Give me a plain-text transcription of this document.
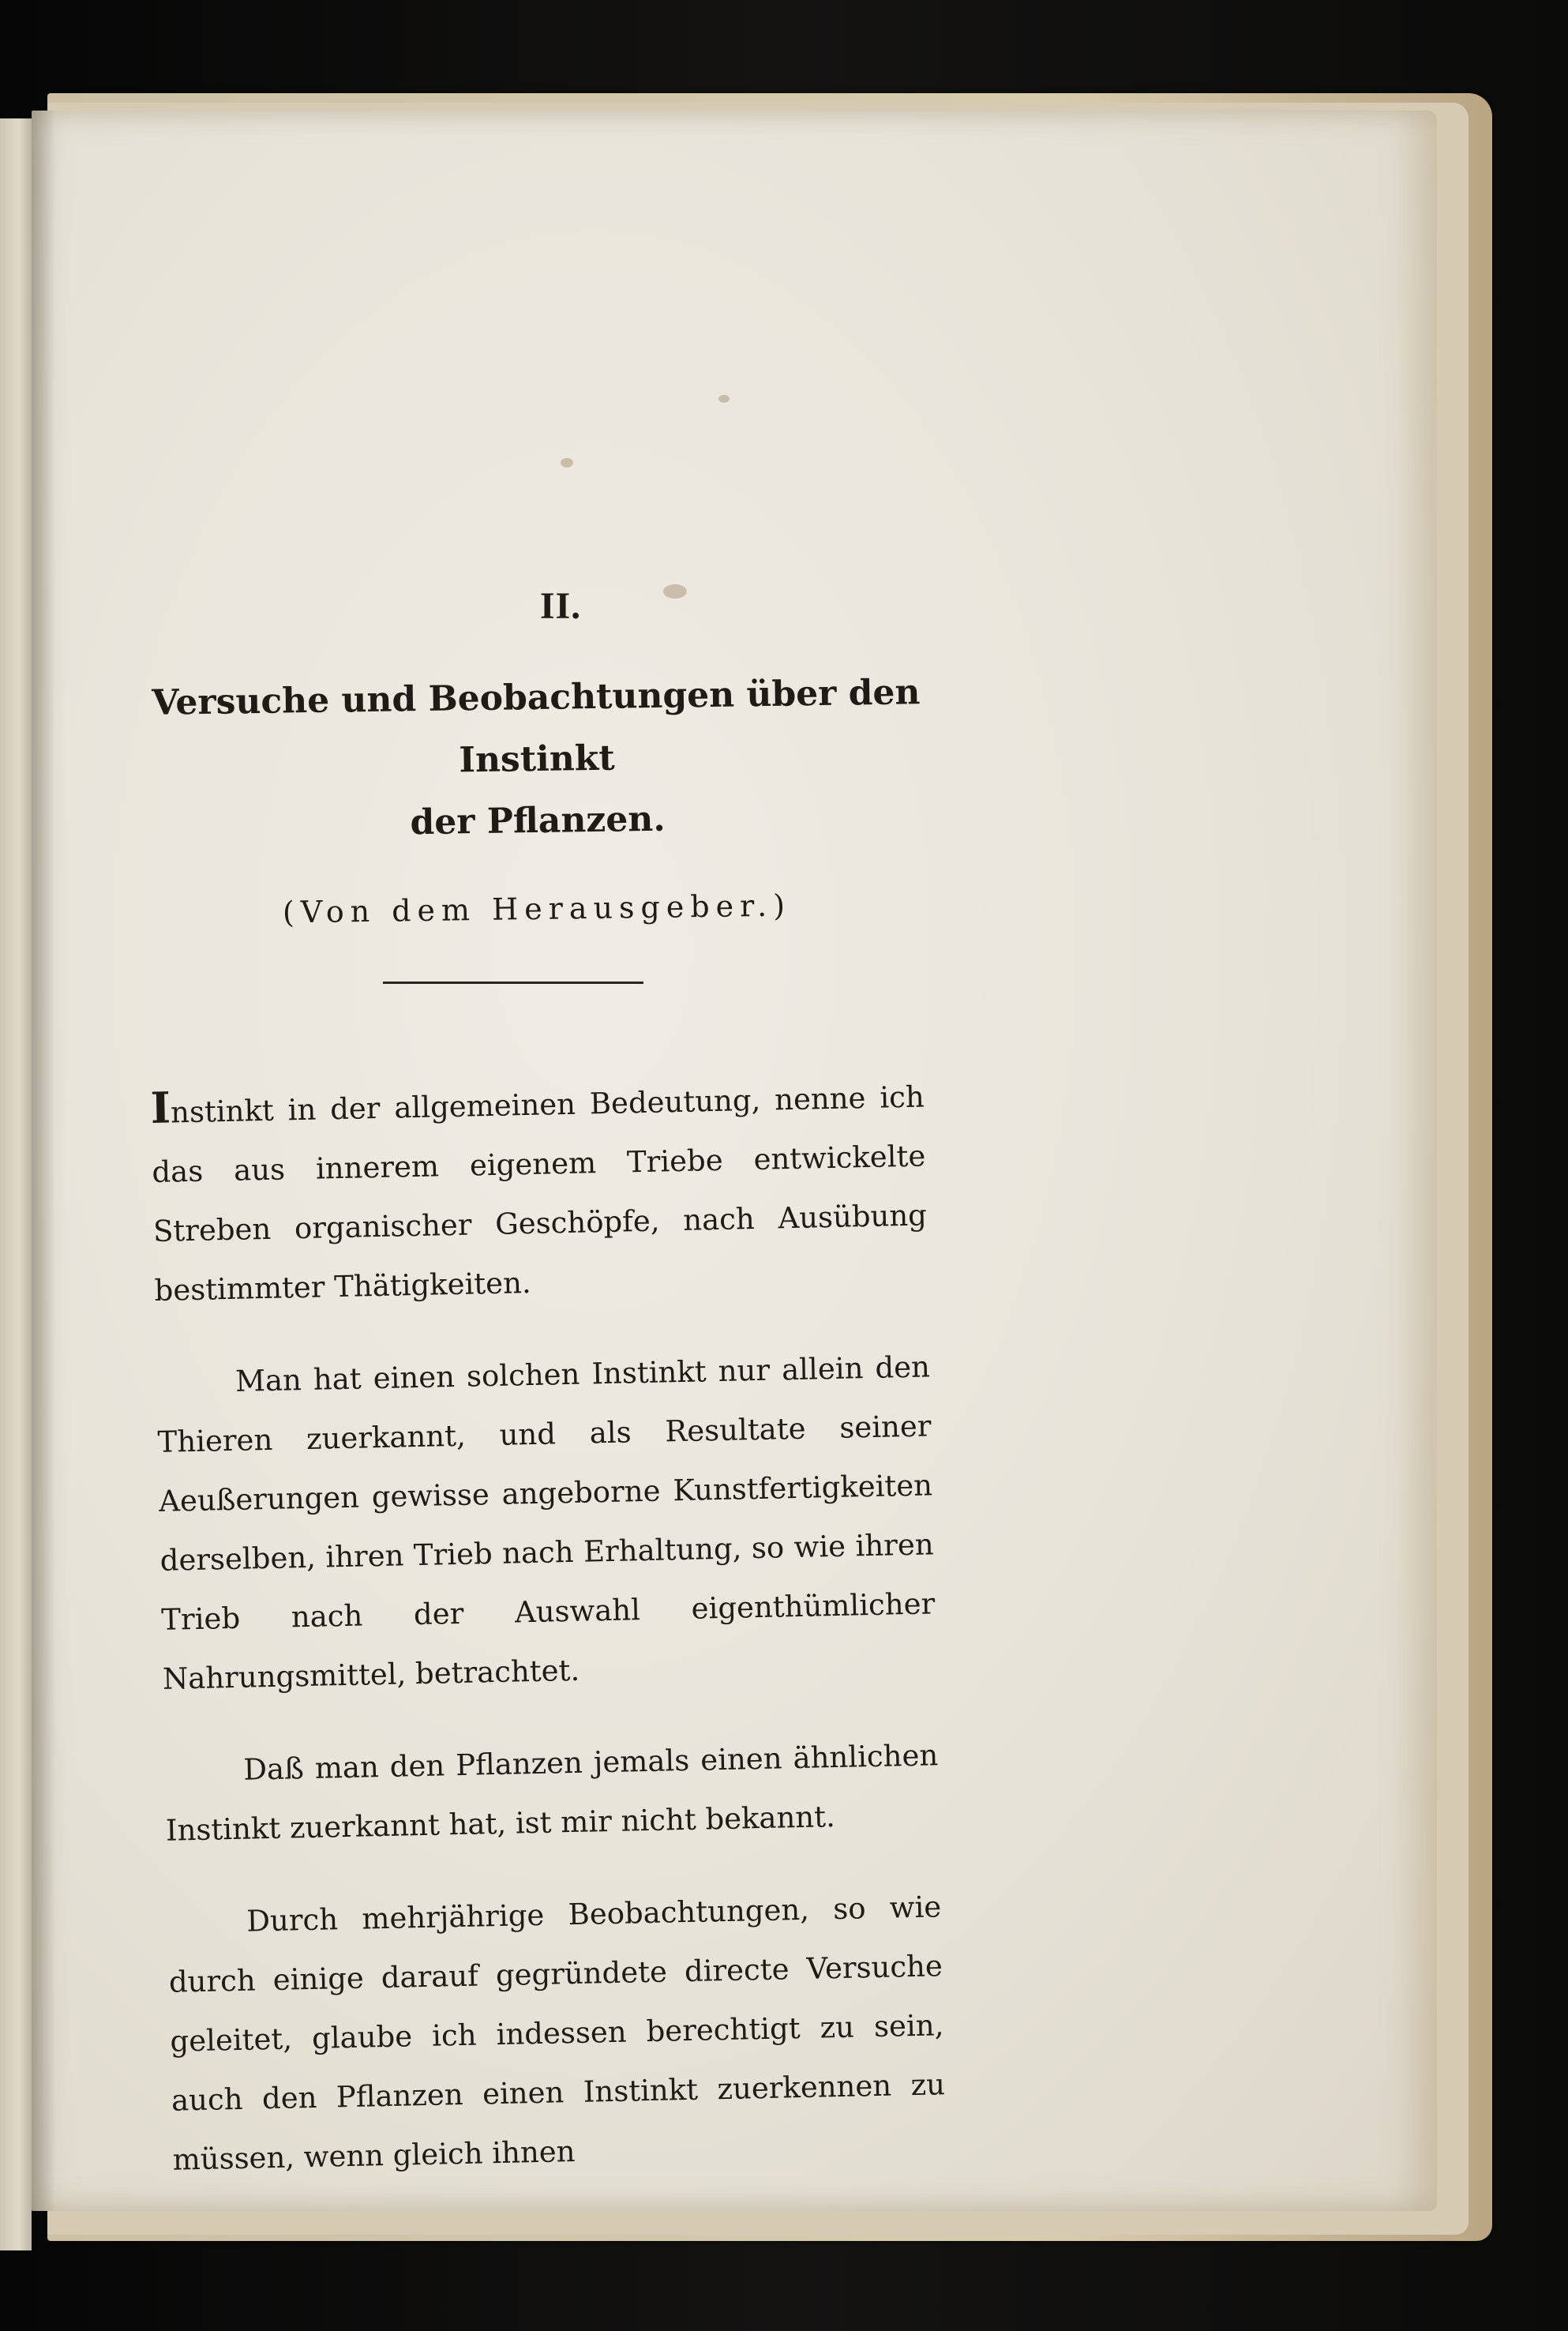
II.
Versuche und Beobachtungen über den Instinkt
der Pflanzen.
(Von dem Herausgeber.)

Instinkt in der allgemeinen Bedeutung, nenne ich das aus innerem eigenem Triebe entwickelte Streben organischer Geschöpfe, nach Ausübung bestimmter Thätigkeiten.

Man hat einen solchen Instinkt nur allein den Thieren zuerkannt, und als Resultate seiner Aeußerungen gewisse angeborne Kunstfertigkeiten derselben, ihren Trieb nach Erhaltung, so wie ihren Trieb nach der Auswahl eigenthümlicher Nahrungsmittel, betrachtet.

Daß man den Pflanzen jemals einen ähnlichen Instinkt zuerkannt hat, ist mir nicht bekannt.

Durch mehrjährige Beobachtungen, so wie durch einige darauf gegründete directe Versuche geleitet, glaube ich indessen berechtigt zu sein, auch den Pflanzen einen Instinkt zuerkennen zu müssen, wenn gleich ihnen
